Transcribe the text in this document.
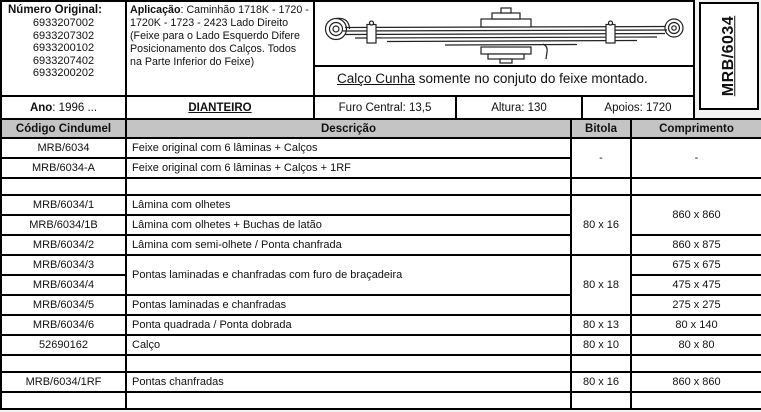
Número Original:
6933207002
6933207302
6933200102
6933207402
6933200202
Aplicação: Caminhão 1718K - 1720 - 1720K - 1723 - 2423 Lado Direito (Feixe para o Lado Esquerdo Difere Posicionamento dos Calços. Todos na Parte Inferior do Feixe)
Calço Cunha somente no conjuto do feixe montado.	MRB/6034
Ano: 1996 ...	DIANTEIRO	Furo Central: 13,5	Altura: 130	Apoios: 1720
Código Cindumel	Descrição	Bitola	Comprimento
MRB/6034	Feixe original com 6 lâminas + Calços	-	-
MRB/6034-A	Feixe original com 6 lâminas + Calços + 1RF		

MRB/6034/1	Lâmina com olhetes	80 x 16	860 x 860
MRB/6034/1B	Lâmina com olhetes + Buchas de latão		
MRB/6034/2	Lâmina com semi-olhete / Ponta chanfrada		860 x 875
MRB/6034/3	Pontas laminadas e chanfradas com furo de braçadeira	80 x 18	675 x 675
MRB/6034/4			475 x 475
MRB/6034/5	Pontas laminadas e chanfradas		275 x 275
MRB/6034/6	Ponta quadrada / Ponta dobrada	80 x 13	80 x 140
52690162	Calço	80 x 10	80 x 80

MRB/6034/1RF	Pontas chanfradas	80 x 16	860 x 860
